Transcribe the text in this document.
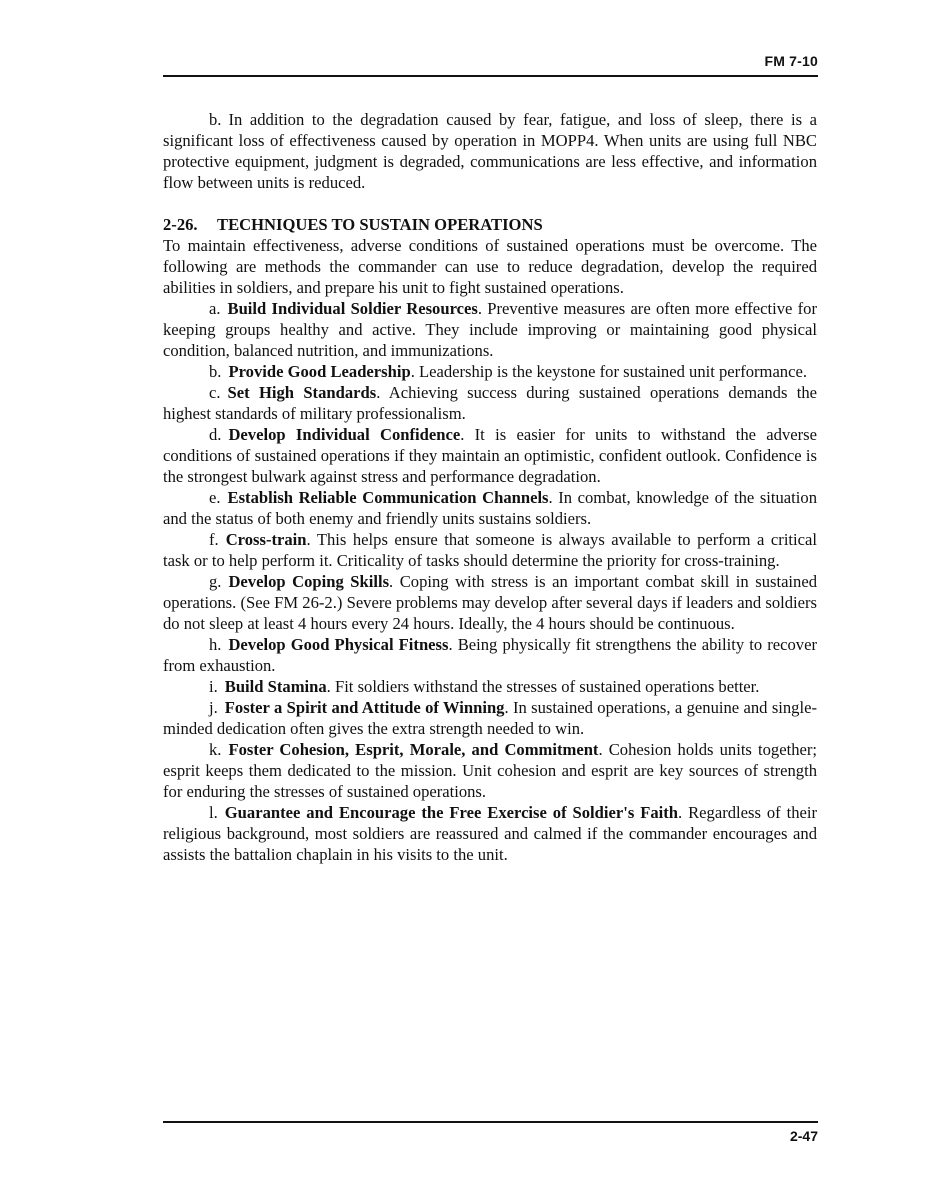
FM 7-10

b. In addition to the degradation caused by fear, fatigue, and loss of sleep, there is a significant loss of effectiveness caused by operation in MOPP4. When units are using full NBC protective equipment, judgment is degraded, communications are less effective, and information flow between units is reduced.

2-26. TECHNIQUES TO SUSTAIN OPERATIONS

To maintain effectiveness, adverse conditions of sustained operations must be overcome. The following are methods the commander can use to reduce degradation, develop the required abilities in soldiers, and prepare his unit to fight sustained operations.

a. Build Individual Soldier Resources. Preventive measures are often more effective for keeping groups healthy and active. They include improving or maintaining good physical condition, balanced nutrition, and immunizations.

b. Provide Good Leadership. Leadership is the keystone for sustained unit performance.

c. Set High Standards. Achieving success during sustained operations demands the highest standards of military professionalism.

d. Develop Individual Confidence. It is easier for units to withstand the adverse conditions of sustained operations if they maintain an optimistic, confident outlook. Confidence is the strongest bulwark against stress and performance degradation.

e. Establish Reliable Communication Channels. In combat, knowledge of the situation and the status of both enemy and friendly units sustains soldiers.

f. Cross-train. This helps ensure that someone is always available to perform a critical task or to help perform it. Criticality of tasks should determine the priority for cross-training.

g. Develop Coping Skills. Coping with stress is an important combat skill in sustained operations. (See FM 26-2.) Severe problems may develop after several days if leaders and soldiers do not sleep at least 4 hours every 24 hours. Ideally, the 4 hours should be continuous.

h. Develop Good Physical Fitness. Being physically fit strengthens the ability to recover from exhaustion.

i. Build Stamina. Fit soldiers withstand the stresses of sustained operations better.

j. Foster a Spirit and Attitude of Winning. In sustained operations, a genuine and single-minded dedication often gives the extra strength needed to win.

k. Foster Cohesion, Esprit, Morale, and Commitment. Cohesion holds units together; esprit keeps them dedicated to the mission. Unit cohesion and esprit are key sources of strength for enduring the stresses of sustained operations.

l. Guarantee and Encourage the Free Exercise of Soldier's Faith. Regardless of their religious background, most soldiers are reassured and calmed if the commander encourages and assists the battalion chaplain in his visits to the unit.

2-47
